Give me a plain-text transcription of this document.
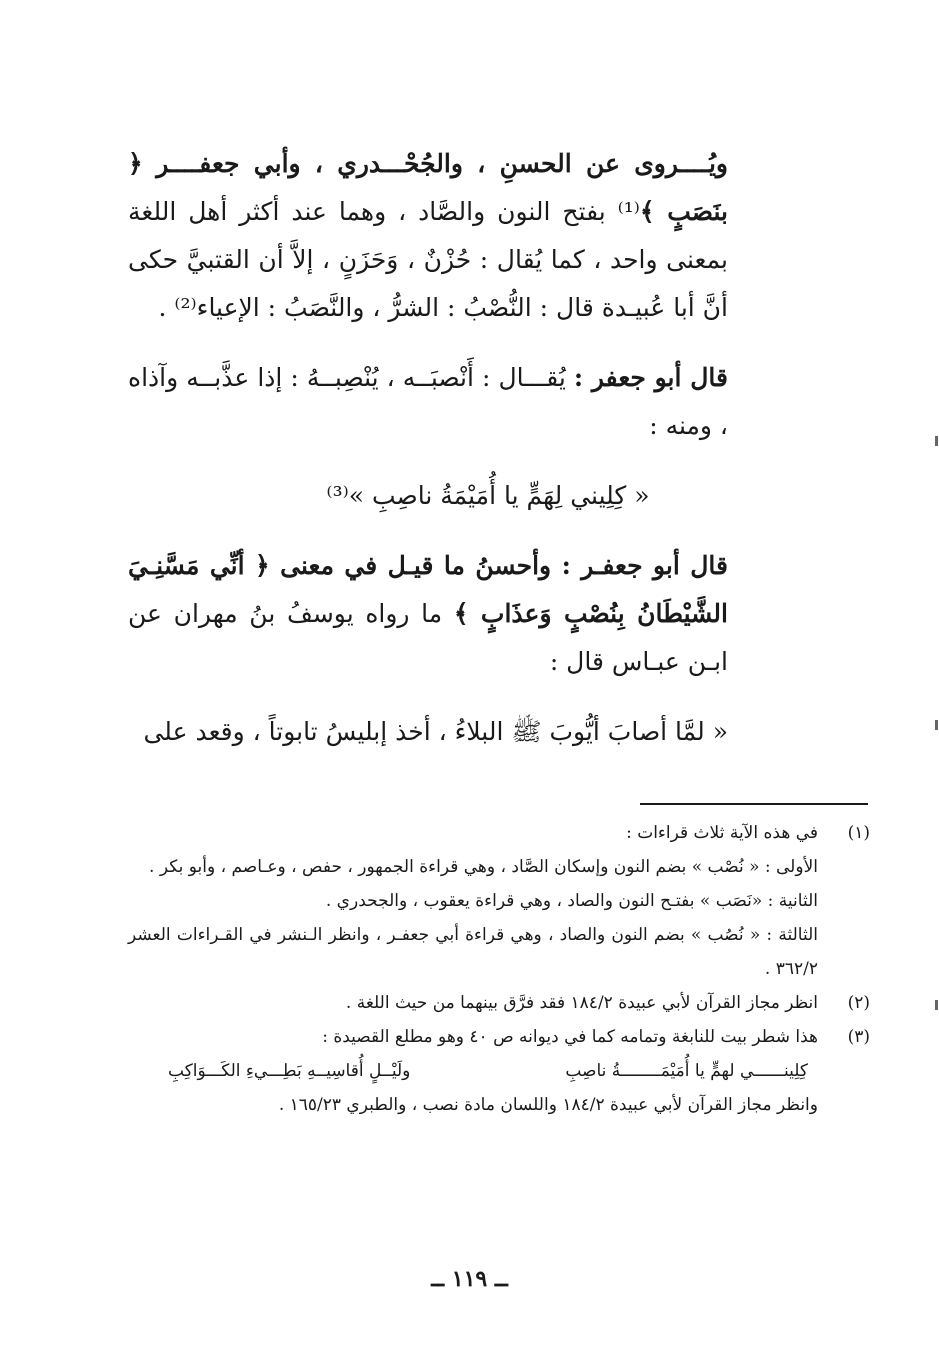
ويُــــروى عن الحسنِ ، والجُحْـــدري ، وأبي جعفــــر ﴿ بنَصَبٍ ﴾⁽¹⁾ بفتح النون والصَّاد ، وهما عند أكثر أهل اللغة بمعنى واحد ، كما يُقال : حُزْنٌ ، وَحَزَنٍ ، إلاَّ أن القتبيَّ حكى أنَّ أبا عُبيـدة قال : النُّصْبُ : الشرُّ ، والنَّصَبُ : الإعياء⁽²⁾ .

قال أبو جعفر : يُقـــال : أَنْصبَــه ، يُنْصِبــهُ : إذا عذَّبــه وآذاه ، ومنه :

« كِلِيني لِهَمٍّ يا أُمَيْمَةُ ناصِبِ »⁽³⁾

قال أبو جعفـر : وأحسنُ ما قيـل في معنى ﴿ أنِّي مَسَّنِـيَ الشَّيْطَانُ بِنُصْبٍ وَعذَابٍ ﴾ ما رواه يوسفُ بنُ مهران عن ابـن عبـاس قال :

« لمَّا أصابَ أيُّوبَ ﷺ البلاءُ ، أخذ إبليسُ تابوتاً ، وقعد على

(١)
في هذه الآية ثلاث قراءات :
الأولى : « نُصْب » بضم النون وإسكان الصَّاد ، وهي قراءة الجمهور ، حفص ، وعـاصم ، وأبو بكر .
الثانية : «نَصَب » بفتـح النون والصاد ، وهي قراءة يعقوب ، والجحدري .
الثالثة : « نُصُب » بضم النون والصاد ، وهي قراءة أبي جعفـر ، وانظر الـنشر في القـراءات العشر ٣٦٢/٢ .
(٢)
انظر مجاز القرآن لأبي عبيدة ١٨٤/٢ فقد فرَّق بينهما من حيث اللغة .
(٣)
هذا شطر بيت للنابغة وتمامه كما في ديوانه ص ٤٠ وهو مطلع القصيدة :
كِلِينــــــي لهمٍّ يا أُمَيْمَــــــــةُ ناصِبِ
ولَيْــلٍ أُقاسِيــهِ بَطِـــيءِ الكَـــوَاكِبِ
وانظر مجاز القرآن لأبي عبيدة ١٨٤/٢ واللسان مادة نصب ، والطبري ١٦٥/٢٣ .
ــ ١١٩ ــ
